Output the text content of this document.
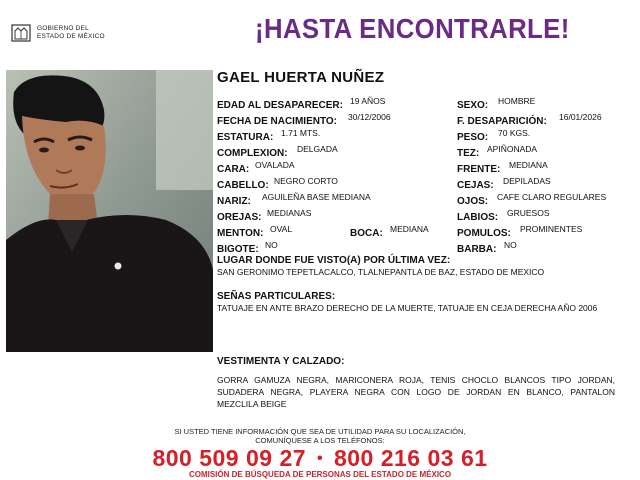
GOBIERNO DEL
ESTADO DE MÉXICO	¡HASTA ENCONTRARLE!
GAEL HUERTA NUÑEZ
EDAD AL DESAPARECER: 19 AÑOS
FECHA DE NACIMIENTO: 30/12/2006
ESTATURA: 1.71 MTS.
COMPLEXION: DELGADA
CARA: OVALADA
CABELLO: NEGRO CORTO
NARIZ: AGUILEÑA BASE MEDIANA
OREJAS: MEDIANAS
MENTON: OVAL	BOCA: MEDIANA
BIGOTE: NO
SEXO: HOMBRE
F. DESAPARICIÓN: 16/01/2026
PESO: 70 KGS.
TEZ: APIÑONADA
FRENTE: MEDIANA
CEJAS: DEPILADAS
OJOS: CAFE CLARO REGULARES
LABIOS: GRUESOS
POMULOS: PROMINENTES
BARBA: NO
LUGAR DONDE FUE VISTO(A) POR ÚLTIMA VEZ:
SAN GERONIMO TEPETLACALCO, TLALNEPANTLA DE BAZ, ESTADO DE MEXICO
SEÑAS PARTICULARES:
TATUAJE EN ANTE BRAZO DERECHO DE LA MUERTE, TATUAJE EN CEJA DERECHA AÑO 2006
VESTIMENTA Y CALZADO:
GORRA GAMUZA NEGRA, MARICONERA ROJA, TENIS CHOCLO BLANCOS TIPO JORDAN, SUDADERA NEGRA, PLAYERA NEGRA CON LOGO DE JORDAN EN BLANCO, PANTALON MEZCLILA BEIGE
SI USTED TIENE INFORMACIÓN QUE SEA DE UTILIDAD PARA SU LOCALIZACIÓN,
COMUNÍQUESE A LOS TELÉFONOS:
800 509 09 27 • 800 216 03 61
COMISIÓN DE BÚSQUEDA DE PERSONAS DEL ESTADO DE MÉXICO
